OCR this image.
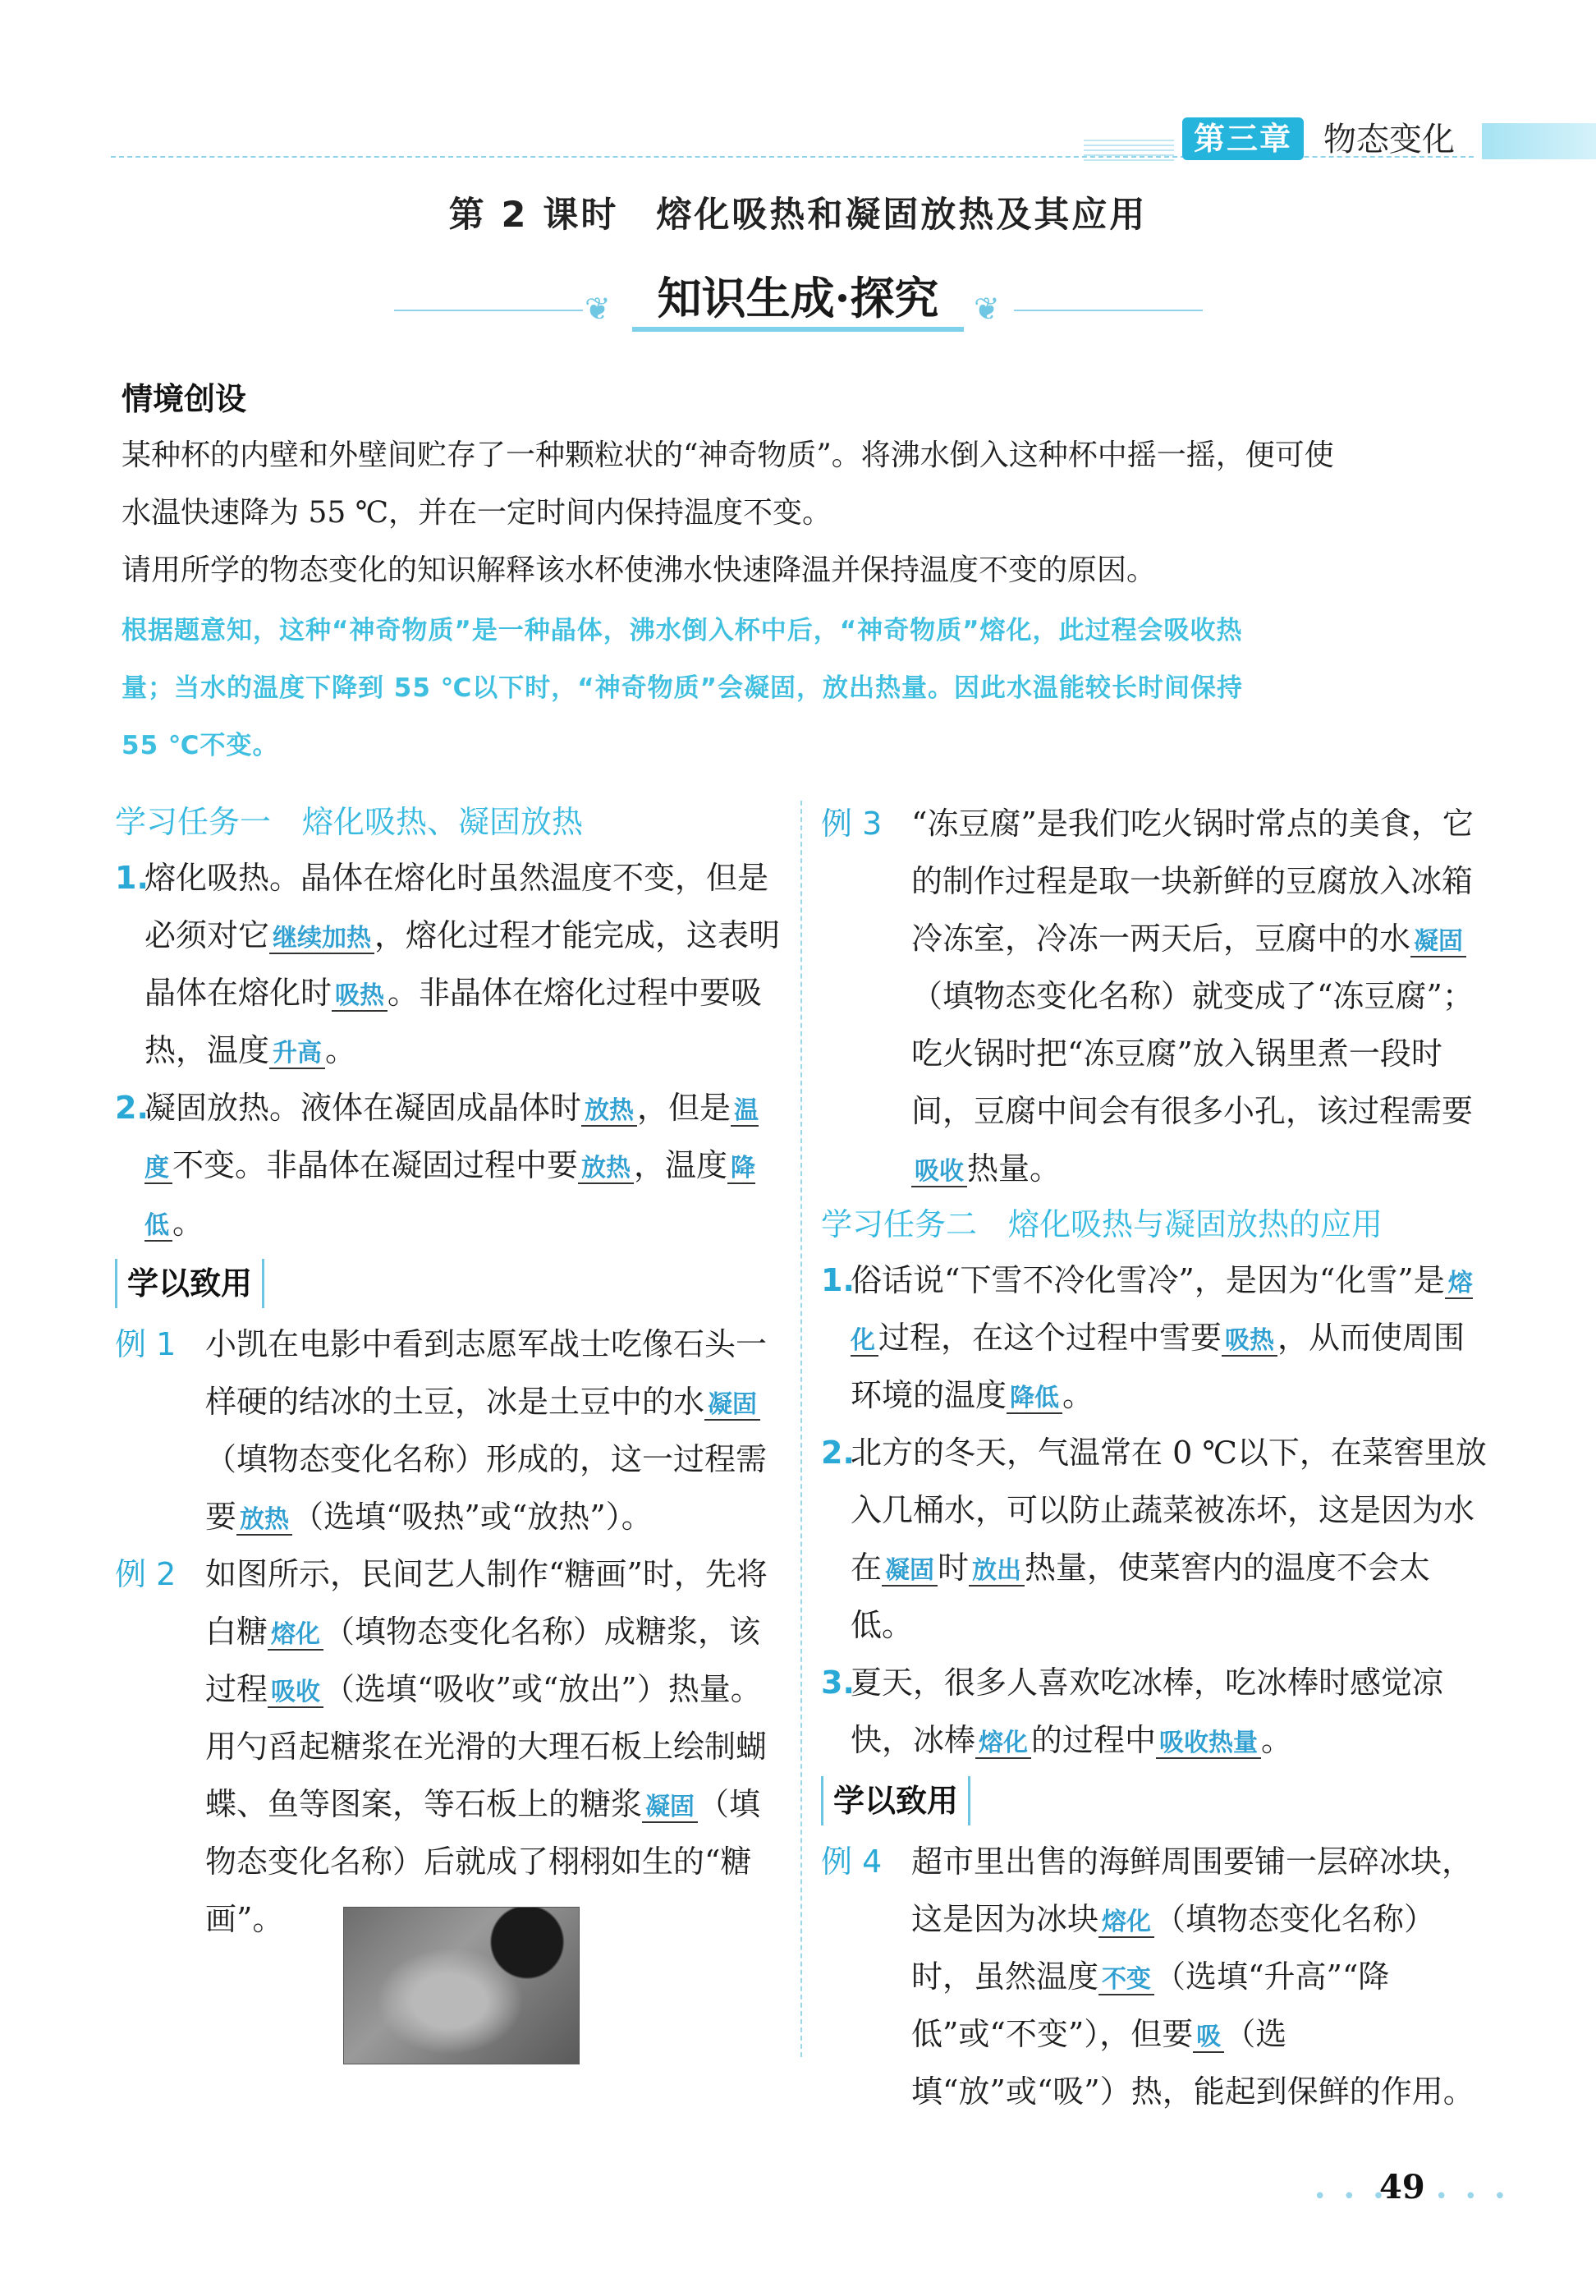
第三章 物态变化
第 2 课时　熔化吸热和凝固放热及其应用
❦	知识生成·探究	❦
情境创设
某种杯的内壁和外壁间贮存了一种颗粒状的“神奇物质”。将沸水倒入这种杯中摇一摇，便可使
水温快速降为 55 ℃，并在一定时间内保持温度不变。
请用所学的物态变化的知识解释该水杯使沸水快速降温并保持温度不变的原因。
根据题意知，这种“神奇物质”是一种晶体，沸水倒入杯中后，“神奇物质”熔化，此过程会吸收热
量；当水的温度下降到 55 ℃以下时，“神奇物质”会凝固，放出热量。因此水温能较长时间保持
55 ℃不变。
学习任务一　熔化吸热、凝固放热
1.
熔化吸热。晶体在熔化时虽然温度不变，但是必须对它 继续加热 ，熔化过程才能完成，这表明晶体在熔化时 吸热 。非晶体在熔化过程中要吸热，温度 升高 。
2.
凝固放热。液体在凝固成晶体时 放热 ，但是 温度 不变。非晶体在凝固过程中要 放热 ，温度 降低 。
学以致用
例 1 小凯在电影中看到志愿军战士吃像石头一样硬的结冰的土豆，冰是土豆中的水 凝固（填物态变化名称）形成的，这一过程需要 放热 （选填“吸热”或“放热”）。
例 2 如图所示，民间艺人制作“糖画”时，先将白糖 熔化 （填物态变化名称）成糖浆，该过程 吸收 （选填“吸收”或“放出”）热量。用勺舀起糖浆在光滑的大理石板上绘制蝴蝶、鱼等图案，等石板上的糖浆 凝固 （填物态变化名称）后就成了栩栩如生的“糖画”。
例 3 “冻豆腐”是我们吃火锅时常点的美食，它的制作过程是取一块新鲜的豆腐放入冰箱冷冻室，冷冻一两天后，豆腐中的水 凝固（填物态变化名称）就变成了“冻豆腐”；吃火锅时把“冻豆腐”放入锅里煮一段时间，豆腐中间会有很多小孔，该过程需要吸收 热量。
学习任务二　熔化吸热与凝固放热的应用
1.
俗话说“下雪不冷化雪冷”，是因为“化雪”是 熔化 过程，在这个过程中雪要 吸热 ，从而使周围环境的温度 降低 。
2.
北方的冬天，气温常在 0 ℃以下，在菜窖里放入几桶水，可以防止蔬菜被冻坏，这是因为水在 凝固 时 放出 热量，使菜窖内的温度不会太低。
3.
夏天，很多人喜欢吃冰棒，吃冰棒时感觉凉快，冰棒 熔化 的过程中 吸收热量 。
学以致用
例 4 超市里出售的海鲜周围要铺一层碎冰块，这是因为冰块 熔化 （填物态变化名称）时，虽然温度 不变 （选填“升高”“降低”或“不变”），但要 吸 （选填“放”或“吸”）热，能起到保鲜的作用。
• • •
49 • • •
